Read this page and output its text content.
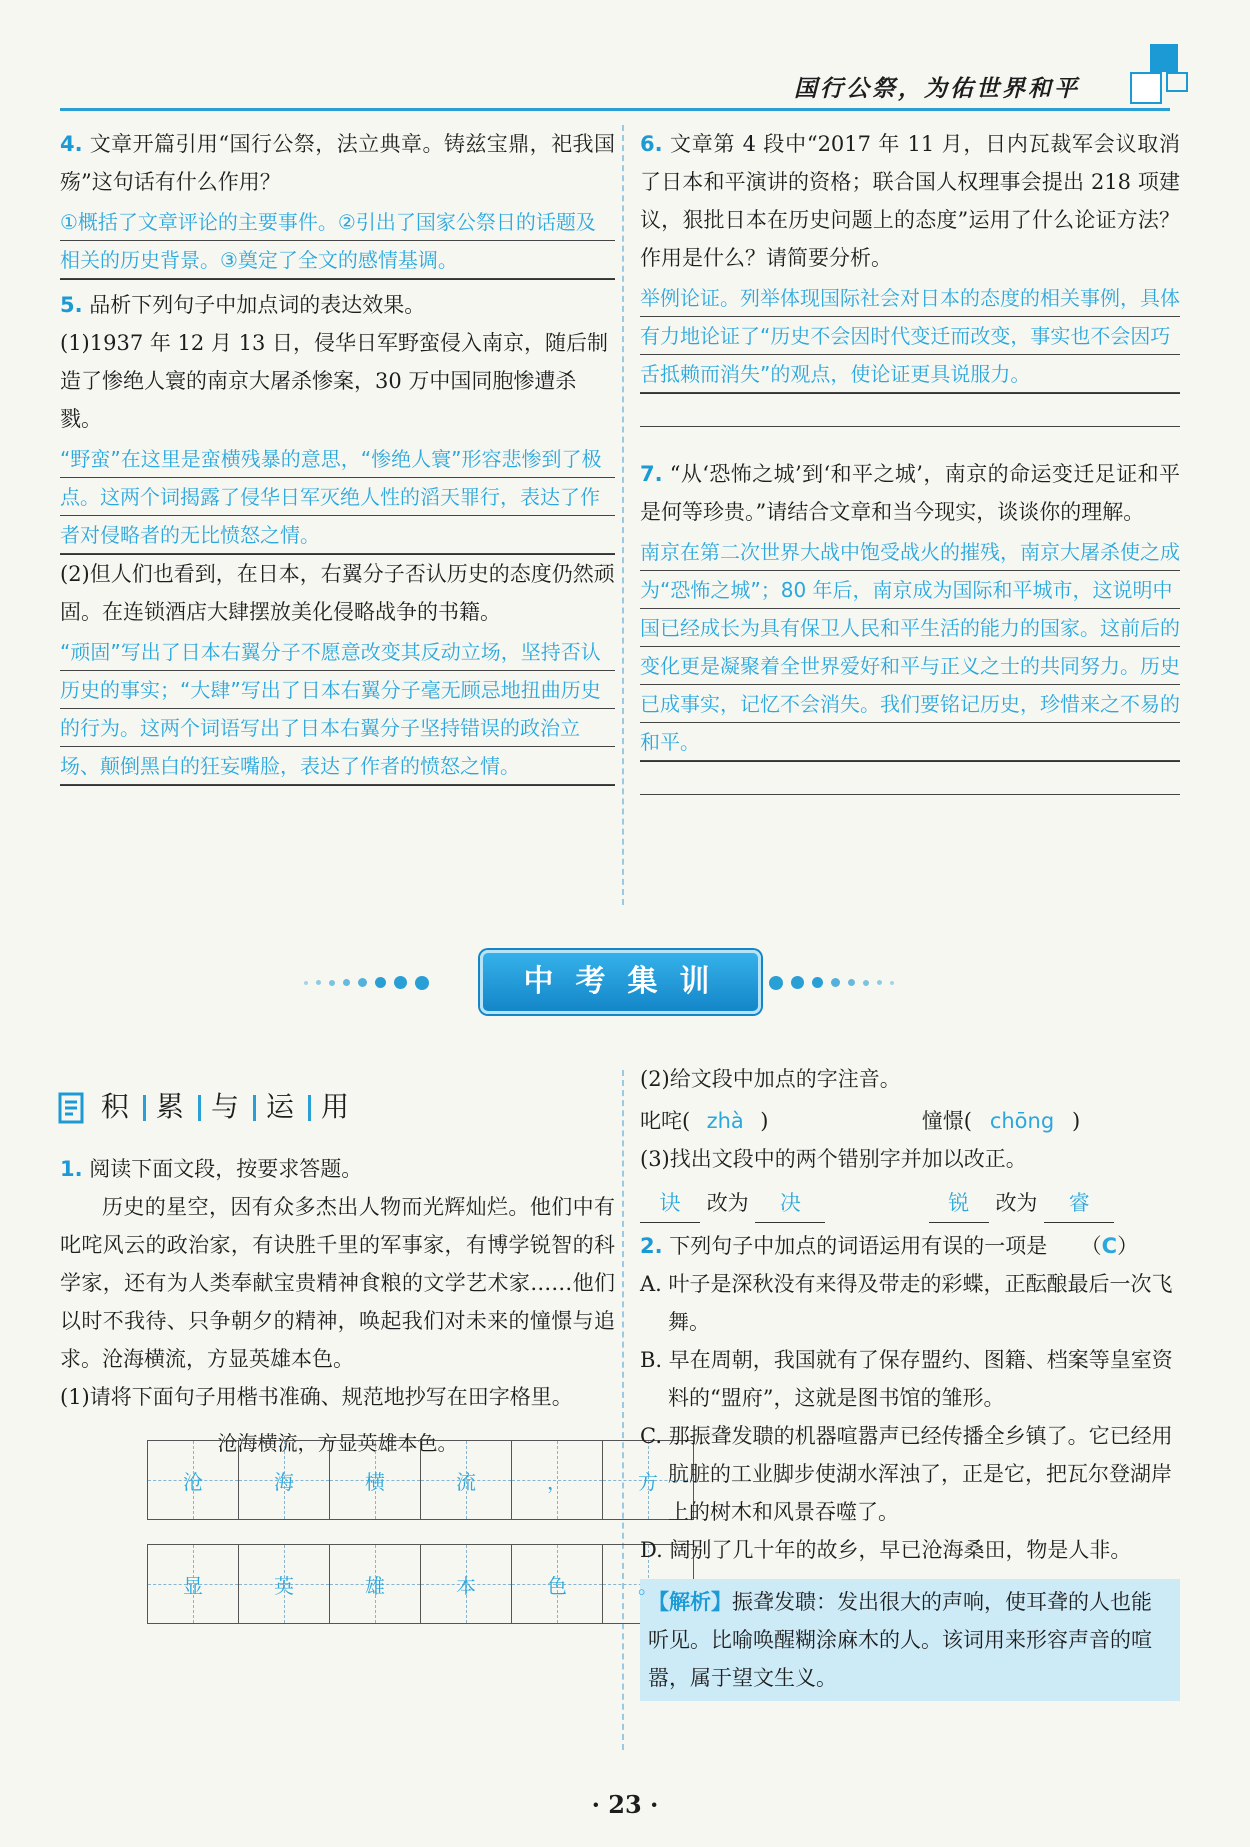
国行公祭，为佑世界和平

4. 文章开篇引用“国行公祭，法立典章。铸兹宝鼎，祀我国殇”这句话有什么作用？

①概括了文章评论的主要事件。②引出了国家公祭日的话题及相关的历史背景。③奠定了全文的感情基调。

5. 品析下列句子中加点词的表达效果。

(1)1937 年 12 月 13 日，侵华日军野蛮侵入南京，随后制造了惨绝人寰的南京大屠杀惨案，30 万中国同胞惨遭杀戮。

“野蛮”在这里是蛮横残暴的意思，“惨绝人寰”形容悲惨到了极点。这两个词揭露了侵华日军灭绝人性的滔天罪行，表达了作者对侵略者的无比愤怒之情。

(2)但人们也看到，在日本，右翼分子否认历史的态度仍然顽固。在连锁酒店大肆摆放美化侵略战争的书籍。

“顽固”写出了日本右翼分子不愿意改变其反动立场，坚持否认历史的事实；“大肆”写出了日本右翼分子毫无顾忌地扭曲历史的行为。这两个词语写出了日本右翼分子坚持错误的政治立场、颠倒黑白的狂妄嘴脸，表达了作者的愤怒之情。

6. 文章第 4 段中“2017 年 11 月，日内瓦裁军会议取消了日本和平演讲的资格；联合国人权理事会提出 218 项建议，狠批日本在历史问题上的态度”运用了什么论证方法？作用是什么？请简要分析。

举例论证。列举体现国际社会对日本的态度的相关事例，具体有力地论证了“历史不会因时代变迁而改变，事实也不会因巧舌抵赖而消失”的观点，使论证更具说服力。

7. “从‘恐怖之城’到‘和平之城’，南京的命运变迁足证和平是何等珍贵。”请结合文章和当今现实，谈谈你的理解。

南京在第二次世界大战中饱受战火的摧残，南京大屠杀使之成为“恐怖之城”；80 年后，南京成为国际和平城市，这说明中国已经成长为具有保卫人民和平生活的能力的国家。这前后的变化更是凝聚着全世界爱好和平与正义之士的共同努力。历史已成事实，记忆不会消失。我们要铭记历史，珍惜来之不易的和平。

中考集训
积 累 与 运 用

1. 阅读下面文段，按要求答题。

历史的星空，因有众多杰出人物而光辉灿烂。他们中有叱咤风云的政治家，有诀胜千里的军事家，有博学锐智的科学家，还有为人类奉献宝贵精神食粮的文学艺术家……他们以时不我待、只争朝夕的精神，唤起我们对未来的憧憬与追求。沧海横流，方显英雄本色。

(1)请将下面句子用楷书准确、规范地抄写在田字格里。

沧海横流，方显英雄本色。
沧	海	横	流	，	方
显	英	雄	本	色	。

(2)给文段中加点的字注音。

叱咤( zhà )	憧憬( chōng )

(3)找出文段中的两个错别字并加以改正。

诀 改为 决	锐 改为 睿

2. 下列句子中加点的词语运用有误的一项是 （C）

A. 叶子是深秋没有来得及带走的彩蝶，正酝酿最后一次飞舞。

B. 早在周朝，我国就有了保存盟约、图籍、档案等皇室资料的“盟府”，这就是图书馆的雏形。

C. 那振聋发聩的机器喧嚣声已经传播全乡镇了。它已经用肮脏的工业脚步使湖水浑浊了，正是它，把瓦尔登湖岸上的树木和风景吞噬了。

D. 阔别了几十年的故乡，早已沧海桑田，物是人非。

【解析】振聋发聩：发出很大的声响，使耳聋的人也能听见。比喻唤醒糊涂麻木的人。该词用来形容声音的喧嚣，属于望文生义。
· 23 ·
